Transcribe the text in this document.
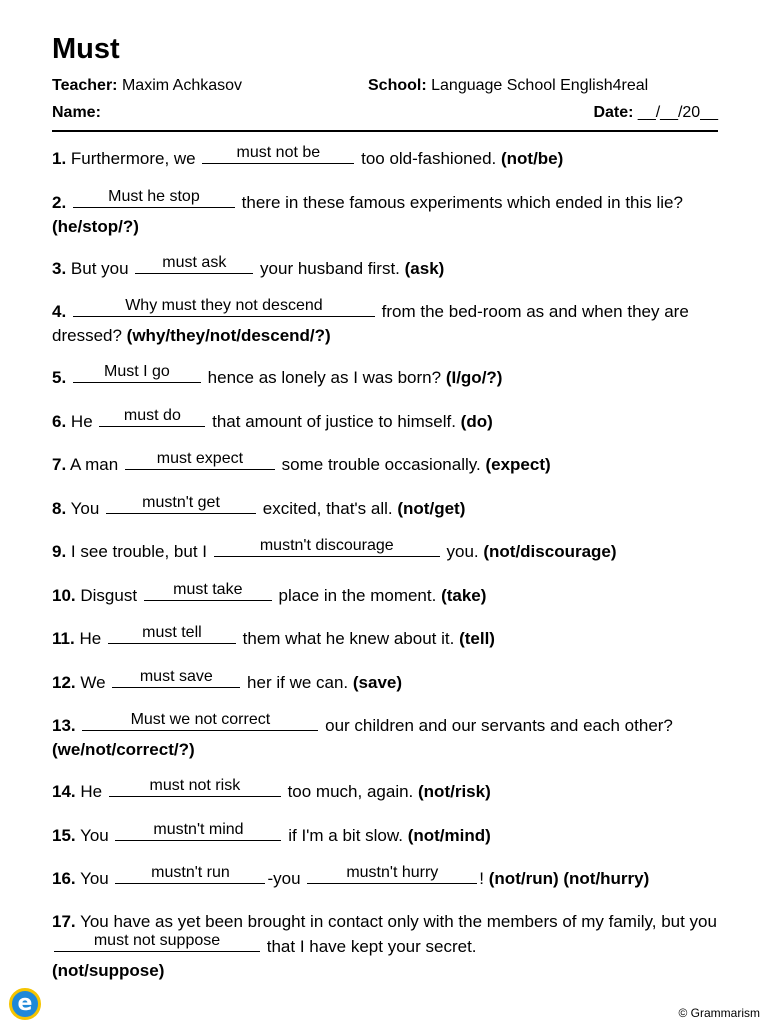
Must
Teacher: Maxim Achkasov	School: Language School English4real
Name:	Date: __/__/20__
1. Furthermore, we	must not be	too old-fashioned. (not/be)
2.	Must he stop	there in these famous experiments which ended in this lie? (he/stop/?)
3. But you	must ask	your husband first. (ask)
4.	Why must they not descend	from the bed-room as and when they are dressed? (why/they/not/descend/?)
5.	Must I go	hence as lonely as I was born? (I/go/?)
6. He	must do	that amount of justice to himself. (do)
7. A man	must expect	some trouble occasionally. (expect)
8. You	mustn't get	excited, that's all. (not/get)
9. I see trouble, but I	mustn't discourage	you. (not/discourage)
10. Disgust	must take	place in the moment. (take)
11. He	must tell	them what he knew about it. (tell)
12. We	must save	her if we can. (save)
13.	Must we not correct	our children and our servants and each other? (we/not/correct/?)
14. He	must not risk	too much, again. (not/risk)
15. You	mustn't mind	if I'm a bit slow. (not/mind)
16. You	mustn't run	-you	mustn't hurry	! (not/run) (not/hurry)
17. You have as yet been brought in contact only with the members of my family, but you
must not suppose	that I have kept your secret.
(not/suppose)
e	© Grammarism
